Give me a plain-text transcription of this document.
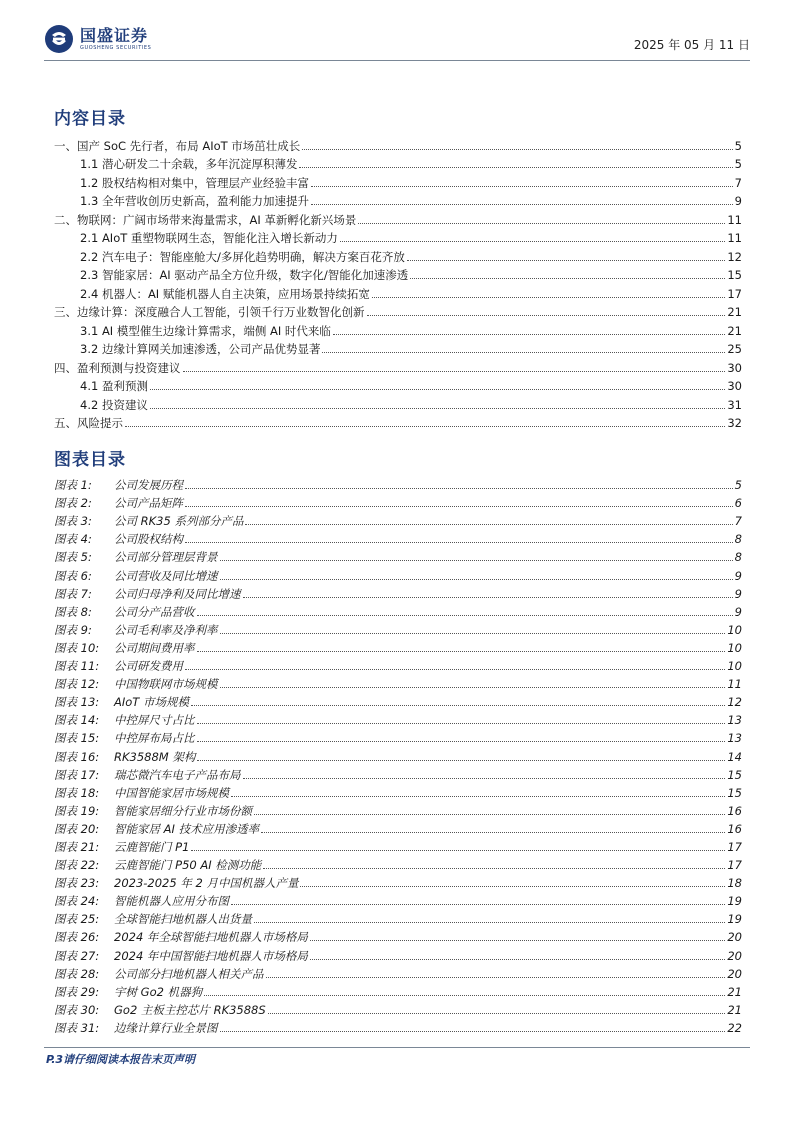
国盛证券
GUOSHENG SECURITIES	2025 年 05 月 11 日
内容目录
一、国产 SoC 先行者，布局 AIoT 市场茁壮成长	5
1.1 潜心研发二十余载，多年沉淀厚积薄发	5
1.2 股权结构相对集中，管理层产业经验丰富	7
1.3 全年营收创历史新高，盈利能力加速提升	9
二、物联网：广阔市场带来海量需求，AI 革新孵化新兴场景	11
2.1 AIoT 重塑物联网生态，智能化注入增长新动力	11
2.2 汽车电子：智能座舱大/多屏化趋势明确，解决方案百花齐放	12
2.3 智能家居：AI 驱动产品全方位升级，数字化/智能化加速渗透	15
2.4 机器人：AI 赋能机器人自主决策，应用场景持续拓宽	17
三、边缘计算：深度融合人工智能，引领千行万业数智化创新	21
3.1 AI 模型催生边缘计算需求，端侧 AI 时代来临	21
3.2 边缘计算网关加速渗透，公司产品优势显著	25
四、盈利预测与投资建议	30
4.1 盈利预测	30
4.2 投资建议	31
五、风险提示	32
图表目录
图表 1:	公司发展历程	5
图表 2:	公司产品矩阵	6
图表 3:	公司 RK35 系列部分产品	7
图表 4:	公司股权结构	8
图表 5:	公司部分管理层背景	8
图表 6:	公司营收及同比增速	9
图表 7:	公司归母净利及同比增速	9
图表 8:	公司分产品营收	9
图表 9:	公司毛利率及净利率	10
图表 10:	公司期间费用率	10
图表 11:	公司研发费用	10
图表 12:	中国物联网市场规模	11
图表 13:	AIoT 市场规模	12
图表 14:	中控屏尺寸占比	13
图表 15:	中控屏布局占比	13
图表 16:	RK3588M 架构	14
图表 17:	瑞芯微汽车电子产品布局	15
图表 18:	中国智能家居市场规模	15
图表 19:	智能家居细分行业市场份额	16
图表 20:	智能家居 AI 技术应用渗透率	16
图表 21:	云鹿智能门 P1	17
图表 22:	云鹿智能门 P50 AI 检测功能	17
图表 23:	2023-2025 年 2 月中国机器人产量	18
图表 24:	智能机器人应用分布图	19
图表 25:	全球智能扫地机器人出货量	19
图表 26:	2024 年全球智能扫地机器人市场格局	20
图表 27:	2024 年中国智能扫地机器人市场格局	20
图表 28:	公司部分扫地机器人相关产品	20
图表 29:	宇树 Go2 机器狗	21
图表 30:	Go2 主板主控芯片 RK3588S	21
图表 31:	边缘计算行业全景图	22
P.3请仔细阅读本报告末页声明
